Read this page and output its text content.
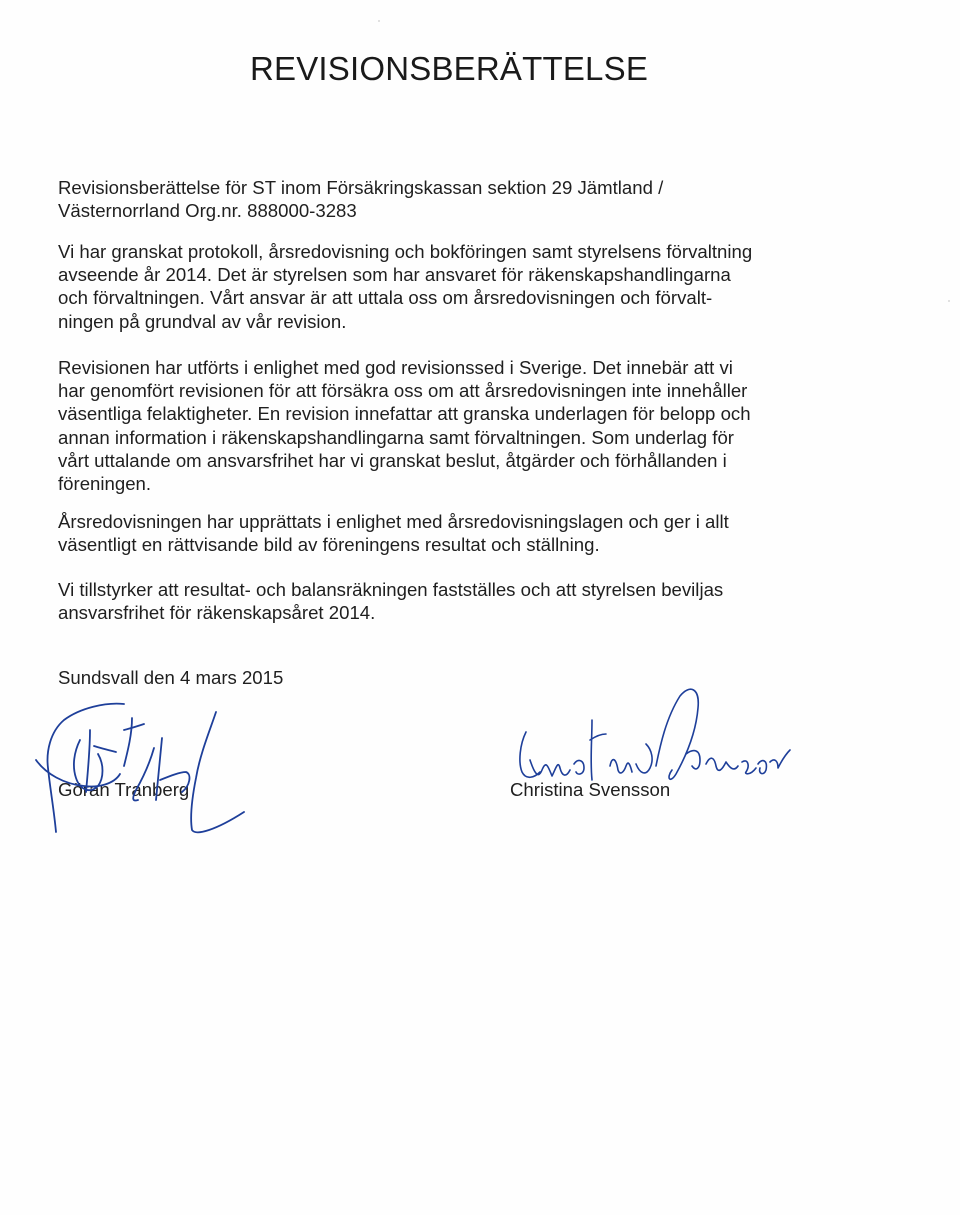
REVISIONSBERÄTTELSE

Revisionsberättelse för ST inom Försäkringskassan sektion 29 Jämtland /
Västernorrland Org.nr. 888000-3283

Vi har granskat protokoll, årsredovisning och bokföringen samt styrelsens förvaltning
avseende år 2014. Det är styrelsen som har ansvaret för räkenskapshandlingarna
och förvaltningen. Vårt ansvar är att uttala oss om årsredovisningen och förvalt-
ningen på grundval av vår revision.

Revisionen har utförts i enlighet med god revisionssed i Sverige. Det innebär att vi
har genomfört revisionen för att försäkra oss om att årsredovisningen inte innehåller
väsentliga felaktigheter. En revision innefattar att granska underlagen för belopp och
annan information i räkenskapshandlingarna samt förvaltningen. Som underlag för
vårt uttalande om ansvarsfrihet har vi granskat beslut, åtgärder och förhållanden i
föreningen.

Årsredovisningen har upprättats i enlighet med årsredovisningslagen och ger i allt
väsentligt en rättvisande bild av föreningens resultat och ställning.

Vi tillstyrker att resultat- och balansräkningen fastställes och att styrelsen beviljas
ansvarsfrihet för räkenskapsåret 2014.

Sundsvall den 4 mars 2015

Göran Tranberg	Christina Svensson
